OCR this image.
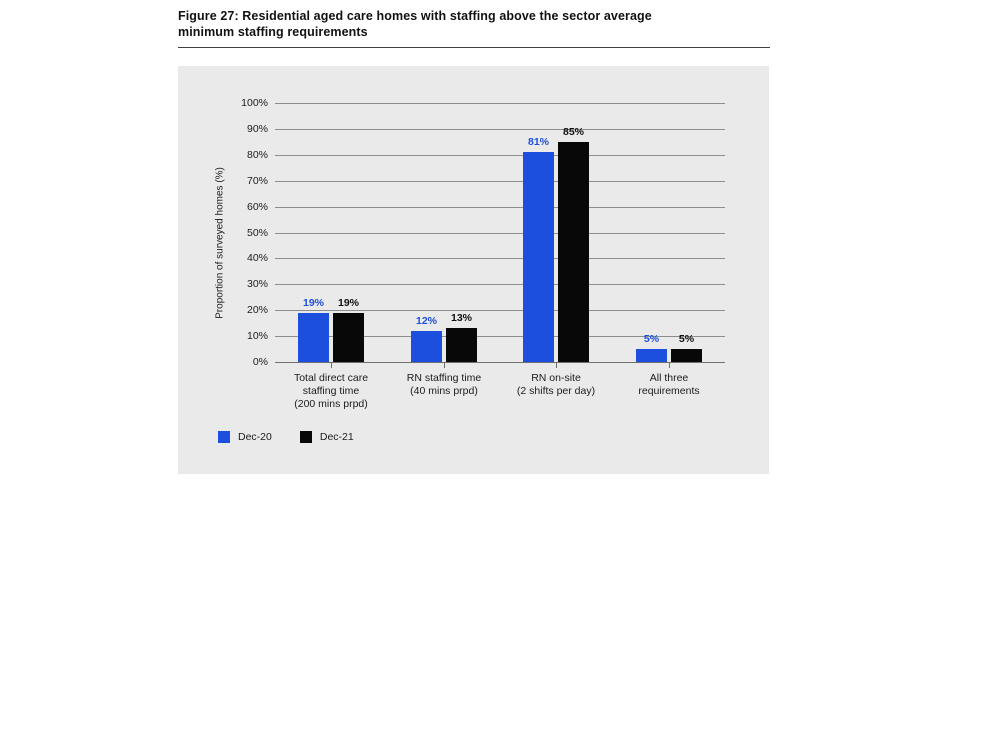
Figure 27: Residential aged care homes with staffing above the sector average
minimum staffing requirements
Proportion of surveyed homes (%)
0%
10%
20%
30%
40%
50%
60%
70%
80%
90%
100%
Total direct care
staffing time
(200 mins prpd)
19%	19%
RN staffing time
(40 mins prpd)
12%	13%
RN on-site
(2 shifts per day)
81%
85%
All three
requirements
5%	5%
Dec-20	Dec-21
